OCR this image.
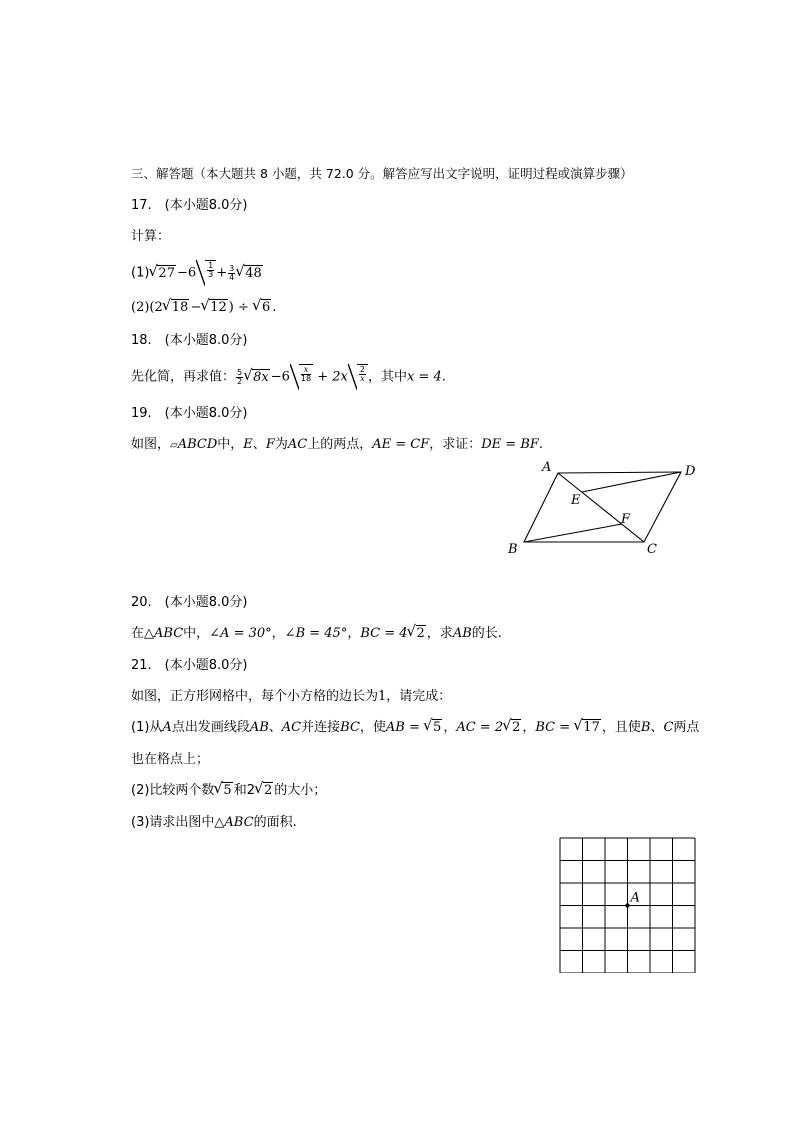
三、解答题（本大题共 8 小题，共 72.0 分。解答应写出文字说明，证明过程或演算步骤）
17.　(本小题8.0分)
计算：
(1) √ $27 -6 \frac{1}{3} + \frac{3}{4}$ √ 48
(2)(2 √ 18 − √ 12 ) ÷ √ 6 .
18.　(本小题8.0分)
先化简，再求值： $\frac{5}{2}$ √ $8x -6 \frac{x}{18} + 2x \frac{2}{x}$ ，其中x = 4.
19.　(本小题8.0分)
如图，▱ABCD中，E、F为AC上的两点，AE = CF，求证：DE = BF.
A	D
E
F
B	C
20.　(本小题8.0分)
在△ABC中，∠A = 30°，∠B = 45°，BC = 4 √ 2 ，求AB的长.
21.　(本小题8.0分)
如图，正方形网格中，每个小方格的边长为1，请完成：
(1)从A点出发画线段AB、AC并连接BC，使AB = √ 5 ，AC = 2 √ 2 ，BC = √ 17 ，且使B、C两点
也在格点上；
(2)比较两个数 √ 5 和2 √ 2 的大小；
(3)请求出图中△ABC的面积.
A
